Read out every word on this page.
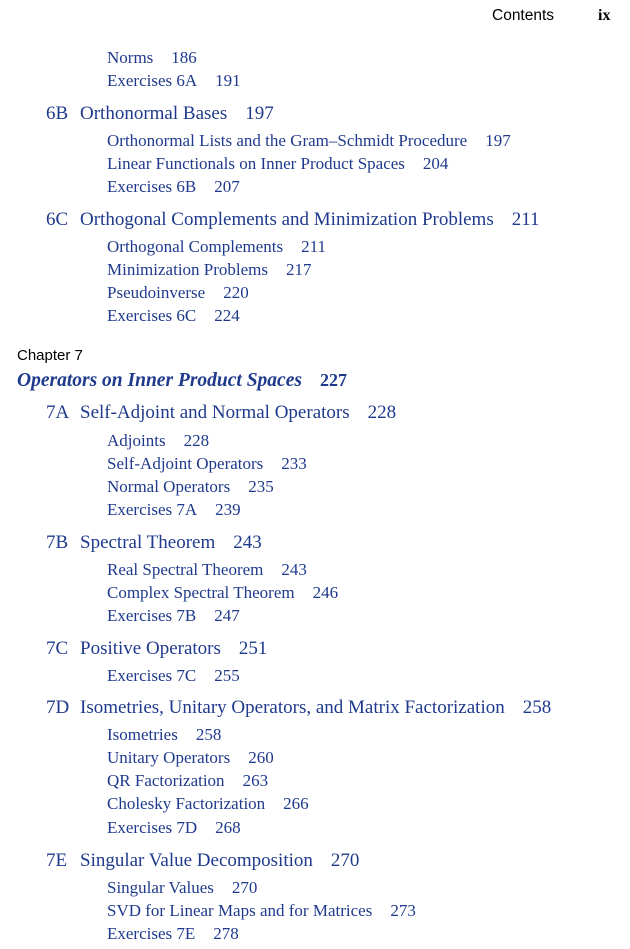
Contents	ix
Norms 186
Exercises 6A 191
6B Orthonormal Bases 197
Orthonormal Lists and the Gram–Schmidt Procedure 197
Linear Functionals on Inner Product Spaces 204
Exercises 6B 207
6C Orthogonal Complements and Minimization Problems 211
Orthogonal Complements 211
Minimization Problems 217
Pseudoinverse 220
Exercises 6C 224
Chapter 7
Operators on Inner Product Spaces 227
7A Self-Adjoint and Normal Operators 228
Adjoints 228
Self-Adjoint Operators 233
Normal Operators 235
Exercises 7A 239
7B Spectral Theorem 243
Real Spectral Theorem 243
Complex Spectral Theorem 246
Exercises 7B 247
7C Positive Operators 251
Exercises 7C 255
7D Isometries, Unitary Operators, and Matrix Factorization 258
Isometries 258
Unitary Operators 260
QR Factorization 263
Cholesky Factorization 266
Exercises 7D 268
7E Singular Value Decomposition 270
Singular Values 270
SVD for Linear Maps and for Matrices 273
Exercises 7E 278
